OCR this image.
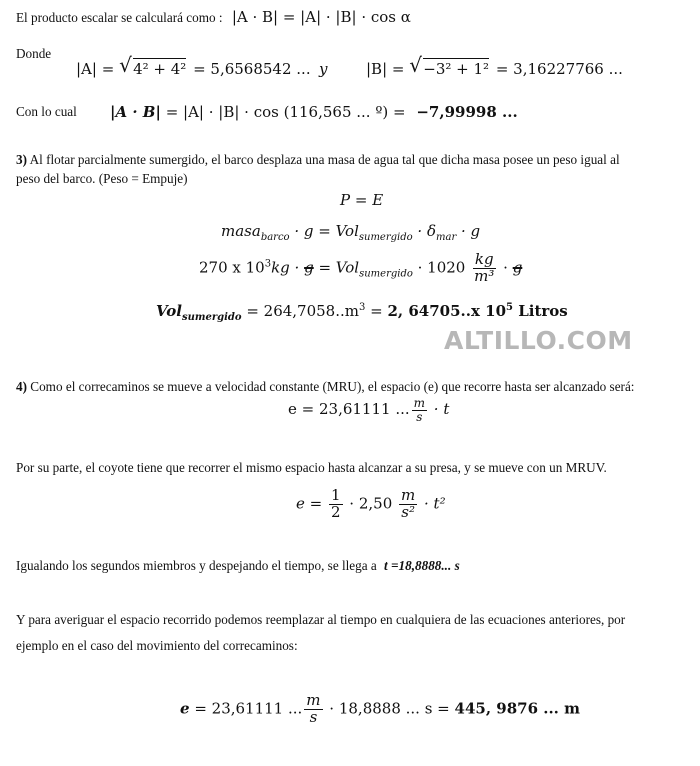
El producto escalar se calculará como : |A · B| = |A| · |B| · cos α
Donde
|A| = √ 4² + 4² = 5,6568542 ... y	|B| = √ −3² + 1² = 3,16227766 ...
Con lo cual |A · B| = |A| · |B| · cos (116,565 ... º) = −7,99998 ...
3) Al flotar parcialmente sumergido, el barco desplaza una masa de agua tal que dicha masa posee un peso igual al
peso del barco. (Peso = Empuje)
P = E
masa$_{barco}$ · $g = Vol_{sumergido} \cdot \delta_{mar} \cdot g$
270 x $10^3kg \cdot g = Vol_{sumergido} \cdot 1020 \frac{kg}{\text{m³}} \cdot g$
$Vol_{sumergido} = 264,7058..m^3 = 2$, 64705..x $10^5$ Litros
ALTILLO.COM
4) Como el correcaminos se mueve a velocidad constante (MRU), el espacio (e) que recorre hasta ser alcanzado será:
e = 23,61111 ... $\frac{m}{s} \cdot t$
Por su parte, el coyote tiene que recorrer el mismo espacio hasta alcanzar a su presa, y se mueve con un MRUV.
$e = \frac{1}{2} \cdot 2,50 \frac{m}{\text{s²}} \cdot t^2$
Igualando los segundos miembros y despejando el tiempo, se llega a t =18,8888... s
Y para averiguar el espacio recorrido podemos reemplazar al tiempo en cualquiera de las ecuaciones anteriores, por
ejemplo en el caso del movimiento del correcaminos:
e = 23,61111 ... $\frac{m}{s} \cdot 18,8888$ ... s = 445, 9876 ... m
